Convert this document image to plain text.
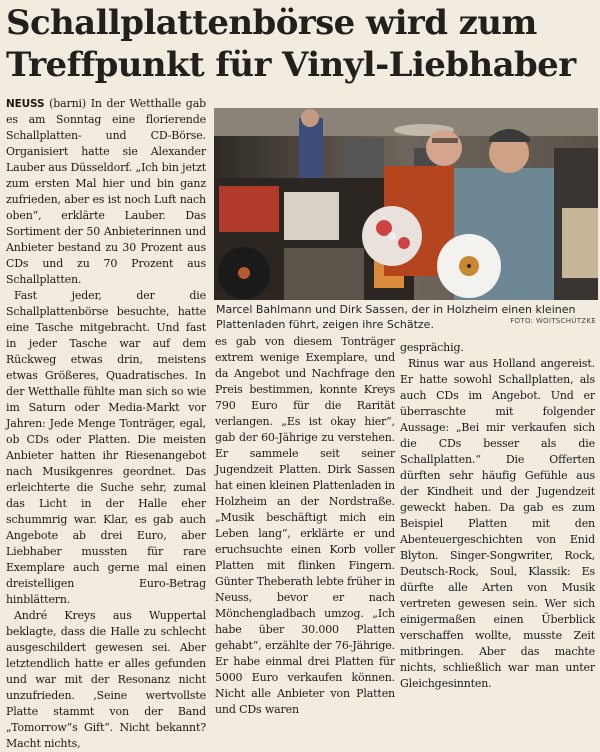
Schallplattenbörse wird zum
Treffpunkt für Vinyl-Liebhaber

NEUSS (barni) In der Wetthalle gab es am Sonntag eine florierende Schallplatten- und CD-Börse. Organisiert hatte sie Alexander Lauber aus Düsseldorf. „Ich bin jetzt zum ersten Mal hier und bin ganz zufrieden, aber es ist noch Luft nach oben“, erklärte Lauber. Das Sortiment der 50 Anbieterinnen und Anbieter bestand zu 30 Prozent aus CDs und zu 70 Prozent aus Schallplatten.

Fast jeder, der die Schallplattenbörse besuchte, hatte eine Tasche mitgebracht. Und fast in jeder Tasche war auf dem Rückweg etwas drin, meistens etwas Größeres, Quadratisches. In der Wetthalle fühlte man sich so wie im Saturn oder Media-Markt vor Jahren: Jede Menge Tonträger, egal, ob CDs oder Platten. Die meisten Anbieter hatten ihr Riesenangebot nach Musikgenres geordnet. Das erleichterte die Suche sehr, zumal das Licht in der Halle eher schummrig war. Klar, es gab auch Angebote ab drei Euro, aber Liebhaber mussten für rare Exemplare auch gerne mal einen dreistelligen Euro-Betrag hinblättern.

André Kreys aus Wuppertal beklagte, dass die Halle zu schlecht ausgeschildert gewesen sei. Aber letztendlich hatte er alles gefunden und war mit der Resonanz nicht unzufrieden. ‚Seine wertvollste Platte stammt von der Band „Tomorrow“s Gift“. Nicht bekannt? Macht nichts,

Marcel Bahlmann und Dirk Sassen, der in Holzheim einen kleinen Plattenladen führt, zeigen ihre Schätze.	FOTO: WOITSCHÜTZKE

es gab von diesem Tonträger extrem wenige Exemplare, und da Angebot und Nachfrage den Preis bestimmen, konnte Kreys 790 Euro für die Rarität verlangen. „Es ist okay hier“, gab der 60-Jährige zu verstehen. Er sammele seit seiner Jugendzeit Platten. Dirk Sassen hat einen kleinen Plattenladen in Holzheim an der Nordstraße. „Musik beschäftigt mich ein Leben lang“, erklärte er und eruchsuchte einen Korb voller Platten mit flinken Fingern. Günter Theberath lebte früher in Neuss, bevor er nach Mönchengladbach umzog. „Ich habe über 30.000 Platten gehabt“, erzählte der 76-Jährige. Er habe einmal drei Platten für 5000 Euro verkaufen können. Nicht alle Anbieter von Platten und CDs waren

gesprächig.

Rinus war aus Holland angereist. Er hatte sowohl Schallplatten, als auch CDs im Angebot. Und er überraschte mit folgender Aussage: „Bei mir verkaufen sich die CDs besser als die Schallplatten.“ Die Offerten dürften sehr häufig Gefühle aus der Kindheit und der Jugendzeit geweckt haben. Da gab es zum Beispiel Platten mit den Abenteuergeschichten von Enid Blyton. Singer-Songwriter, Rock, Deutsch-Rock, Soul, Klassik: Es dürfte alle Arten von Musik vertreten gewesen sein. Wer sich einigermaßen einen Überblick verschaffen wollte, musste Zeit mitbringen. Aber das machte nichts, schließlich war man unter Gleichgesinnten.
